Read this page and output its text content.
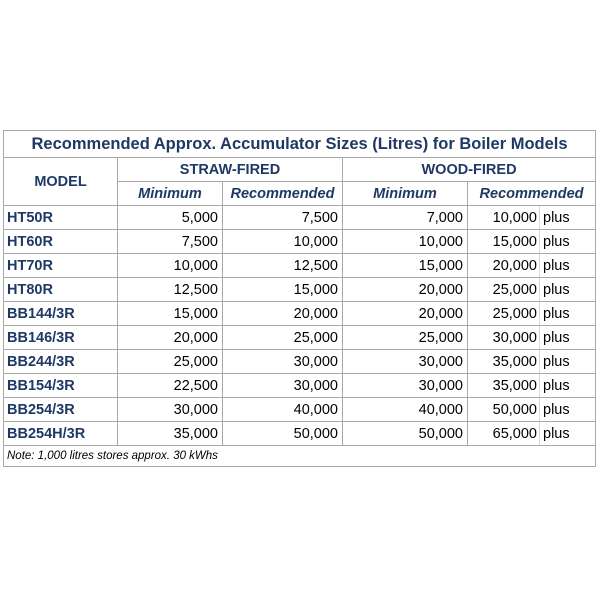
Recommended Approx. Accumulator Sizes (Litres) for Boiler Models					
MODEL	STRAW-FIRED		WOOD-FIRED		
	Minimum	Recommended	Minimum	Recommended	
HT50R	5,000	7,500	7,000	10,000	plus
HT60R	7,500	10,000	10,000	15,000	plus
HT70R	10,000	12,500	15,000	20,000	plus
HT80R	12,500	15,000	20,000	25,000	plus
BB144/3R	15,000	20,000	20,000	25,000	plus
BB146/3R	20,000	25,000	25,000	30,000	plus
BB244/3R	25,000	30,000	30,000	35,000	plus
BB154/3R	22,500	30,000	30,000	35,000	plus
BB254/3R	30,000	40,000	40,000	50,000	plus
BB254H/3R	35,000	50,000	50,000	65,000	plus
Note: 1,000 litres stores approx. 30 kWhs					
